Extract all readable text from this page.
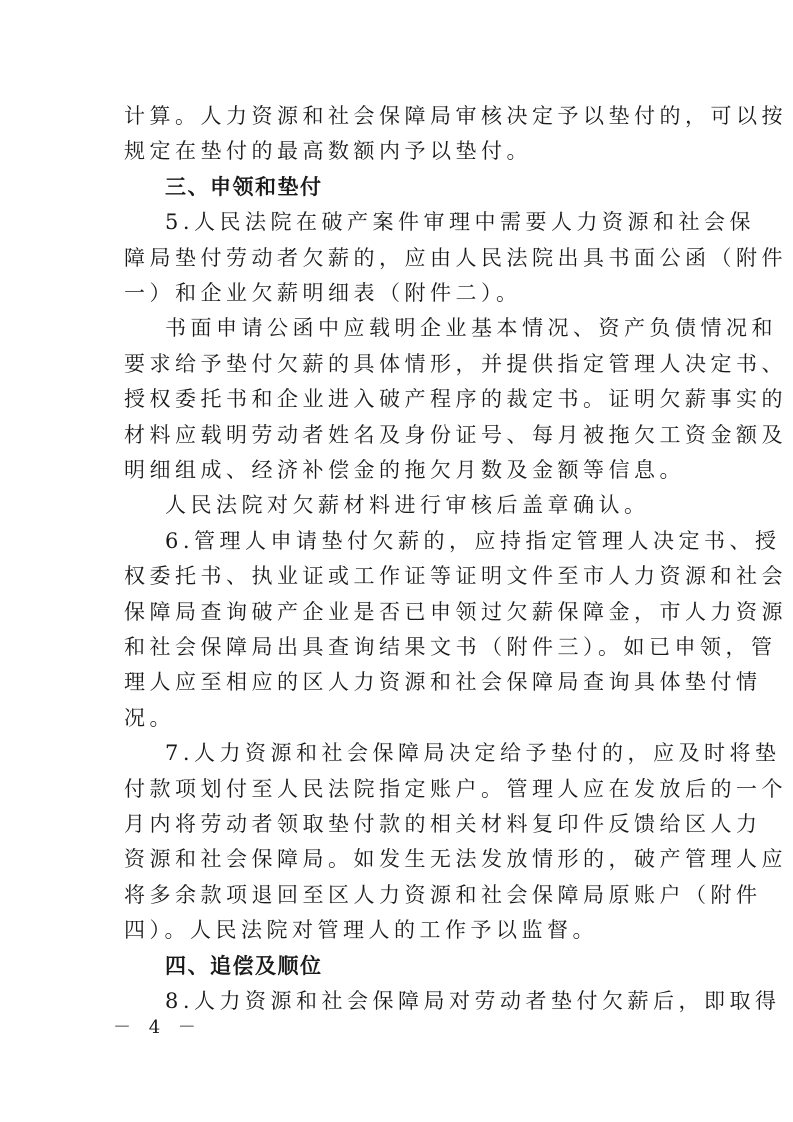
计算。人力资源和社会保障局审核决定予以垫付的，可以按
规定在垫付的最高数额内予以垫付。
三、申领和垫付
5.人民法院在破产案件审理中需要人力资源和社会保
障局垫付劳动者欠薪的，应由人民法院出具书面公函（附件
一）和企业欠薪明细表（附件二）。
书面申请公函中应载明企业基本情况、资产负债情况和
要求给予垫付欠薪的具体情形，并提供指定管理人决定书、
授权委托书和企业进入破产程序的裁定书。证明欠薪事实的
材料应载明劳动者姓名及身份证号、每月被拖欠工资金额及
明细组成、经济补偿金的拖欠月数及金额等信息。
人民法院对欠薪材料进行审核后盖章确认。
6.管理人申请垫付欠薪的，应持指定管理人决定书、授
权委托书、执业证或工作证等证明文件至市人力资源和社会
保障局查询破产企业是否已申领过欠薪保障金，市人力资源
和社会保障局出具查询结果文书（附件三）。如已申领，管
理人应至相应的区人力资源和社会保障局查询具体垫付情
况。
7.人力资源和社会保障局决定给予垫付的，应及时将垫
付款项划付至人民法院指定账户。管理人应在发放后的一个
月内将劳动者领取垫付款的相关材料复印件反馈给区人力
资源和社会保障局。如发生无法发放情形的，破产管理人应
将多余款项退回至区人力资源和社会保障局原账户（附件
四）。人民法院对管理人的工作予以监督。
四、追偿及顺位
8.人力资源和社会保障局对劳动者垫付欠薪后，即取得
－ 4 －
